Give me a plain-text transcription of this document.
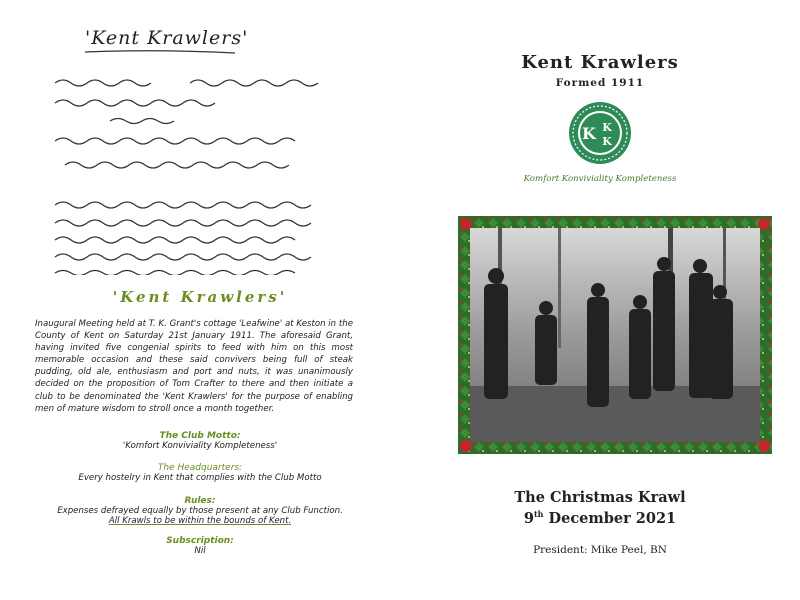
'Kent Krawlers'
'Kent Krawlers'
Inaugural Meeting held at T. K. Grant's cottage 'Leafwine' at Keston in the County of Kent on Saturday 21st January 1911. The aforesaid Grant, having invited five congenial spirits to feed with him on this most memorable occasion and these said convivers being full of steak pudding, old ale, enthusiasm and port and nuts, it was unanimously decided on the proposition of Tom Crafter to there and then initiate a club to be denominated the 'Kent Krawlers' for the purpose of enabling men of mature wisdom to stroll once a month together.
The Club Motto:
'Komfort Konviviality Kompleteness'
The Headquarters:
Every hostelry in Kent that complies with the Club Motto
Rules:
Expenses defrayed equally by those present at any Club Function.
All Krawls to be within the bounds of Kent.
Subscription:
Nil
Kent Krawlers
Formed 1911
K K
K
Komfort Konviviality Kompleteness
The Christmas Krawl
9th December 2021
President: Mike Peel, BN
